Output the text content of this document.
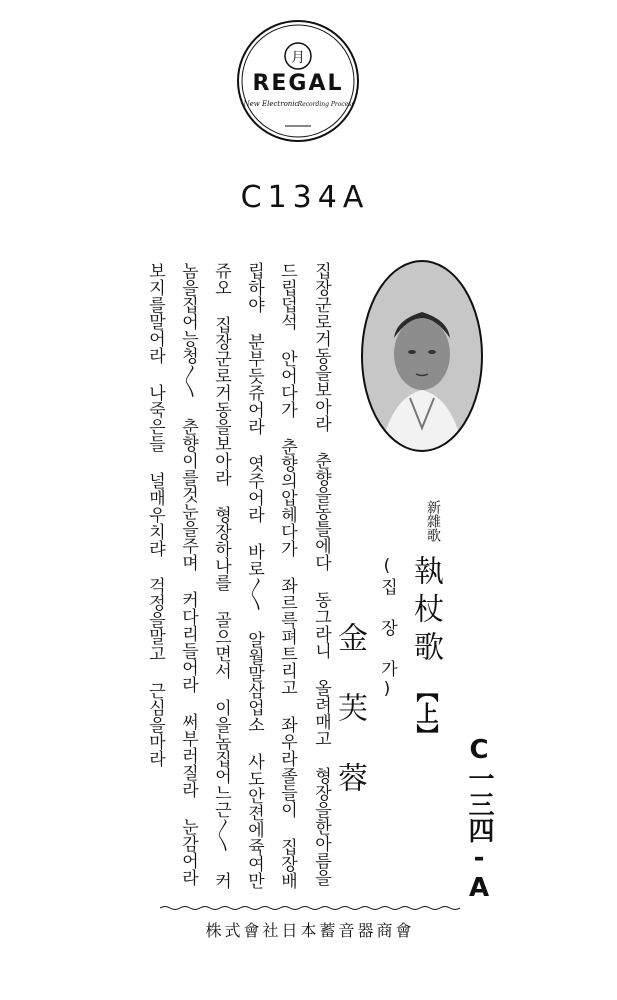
月
REGAL
New Electronic Recording Process
C134A
新雜歌
執杖歌
【上】
(집 장 가)
金芙蓉	C一三四-A
집장군로거동을보아라 춘향을동틀에다 동그라니 올려매고 형장을한아름을
드립덥석 안어다가 춘향의압헤다가 좌르륵펴트리고 좌우라졸들이 집장배
립하야 분부듯쥬어라 엿주어라 바로〳〵 알월말삼업소 사도안젼에쥭여만
쥬오 집장군로거동을보아라 형장하나를 골으면서 이을놈집어느근〳〵 커
놈을집어능청〳〵 춘향이를것눈을주며 커다리들어라 써부러질라 눈감어라
보지를말어라 나죽은들 널매우치랴 걱정을말고 근심을마라
株式會社日本蓄音器商會
